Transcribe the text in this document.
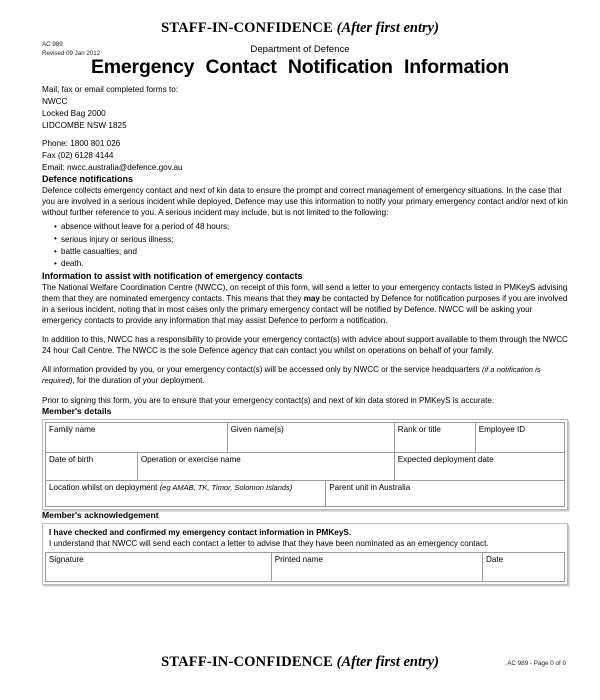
STAFF-IN-CONFIDENCE (After first entry)
AC 989
Revised 09 Jan 2012	Department of Defence
Emergency Contact Notification Information
Mail, fax or email completed forms to:
NWCC
Locked Bag 2000
LIDCOMBE NSW 1825
Phone: 1800 801 026
Fax (02) 6128 4144
Email: nwcc.australia@defence.gov.au
Defence notifications

Defence collects emergency contact and next of kin data to ensure the prompt and correct management of emergency situations. In the case that you are involved in a serious incident while deployed, Defence may use this information to notify your primary emergency contact and/or next of kin without further reference to you. A serious incident may include, but is not limited to the following:

• absence without leave for a period of 48 hours;
• serious injury or serious illness;
• battle casualties; and
• death.
Information to assist with notification of emergency contacts

The National Welfare Coordination Centre (NWCC), on receipt of this form, will send a letter to your emergency contacts listed in PMKeyS advising them that they are nominated emergency contacts. This means that they may be contacted by Defence for notification purposes if you are involved in a serious incident, noting that in most cases only the primary emergency contact will be notified by Defence. NWCC will be asking your emergency contacts to provide any information that may assist Defence to perform a notification.

In addition to this, NWCC has a responsibility to provide your emergency contact(s) with advice about support available to them through the NWCC 24 hour Call Centre. The NWCC is the sole Defence agency that can contact you whilst on operations on behalf of your family.

All information provided by you, or your emergency contact(s) will be accessed only by NWCC or the service headquarters (if a notification is required), for the duration of your deployment.

Prior to signing this form, you are to ensure that your emergency contact(s) and next of kin data stored in PMKeyS is accurate.

Member's details
Family name		Given name(s)		Rank or title	Employee ID
Date of birth	Operation or exercise name			Expected deployment date	
Location whilst on deployment (eg AMAB, TK, Timor, Solomon Islands)			Parent unit in Australia		
Member's acknowledgement
I have checked and confirmed my emergency contact information in PMKeyS.
I understand that NWCC will send each contact a letter to advise that they have been nominated as an emergency contact.
Signature	Printed name	Date
STAFF-IN-CONFIDENCE (After first entry)	AC 989 - Page 0 of 0
